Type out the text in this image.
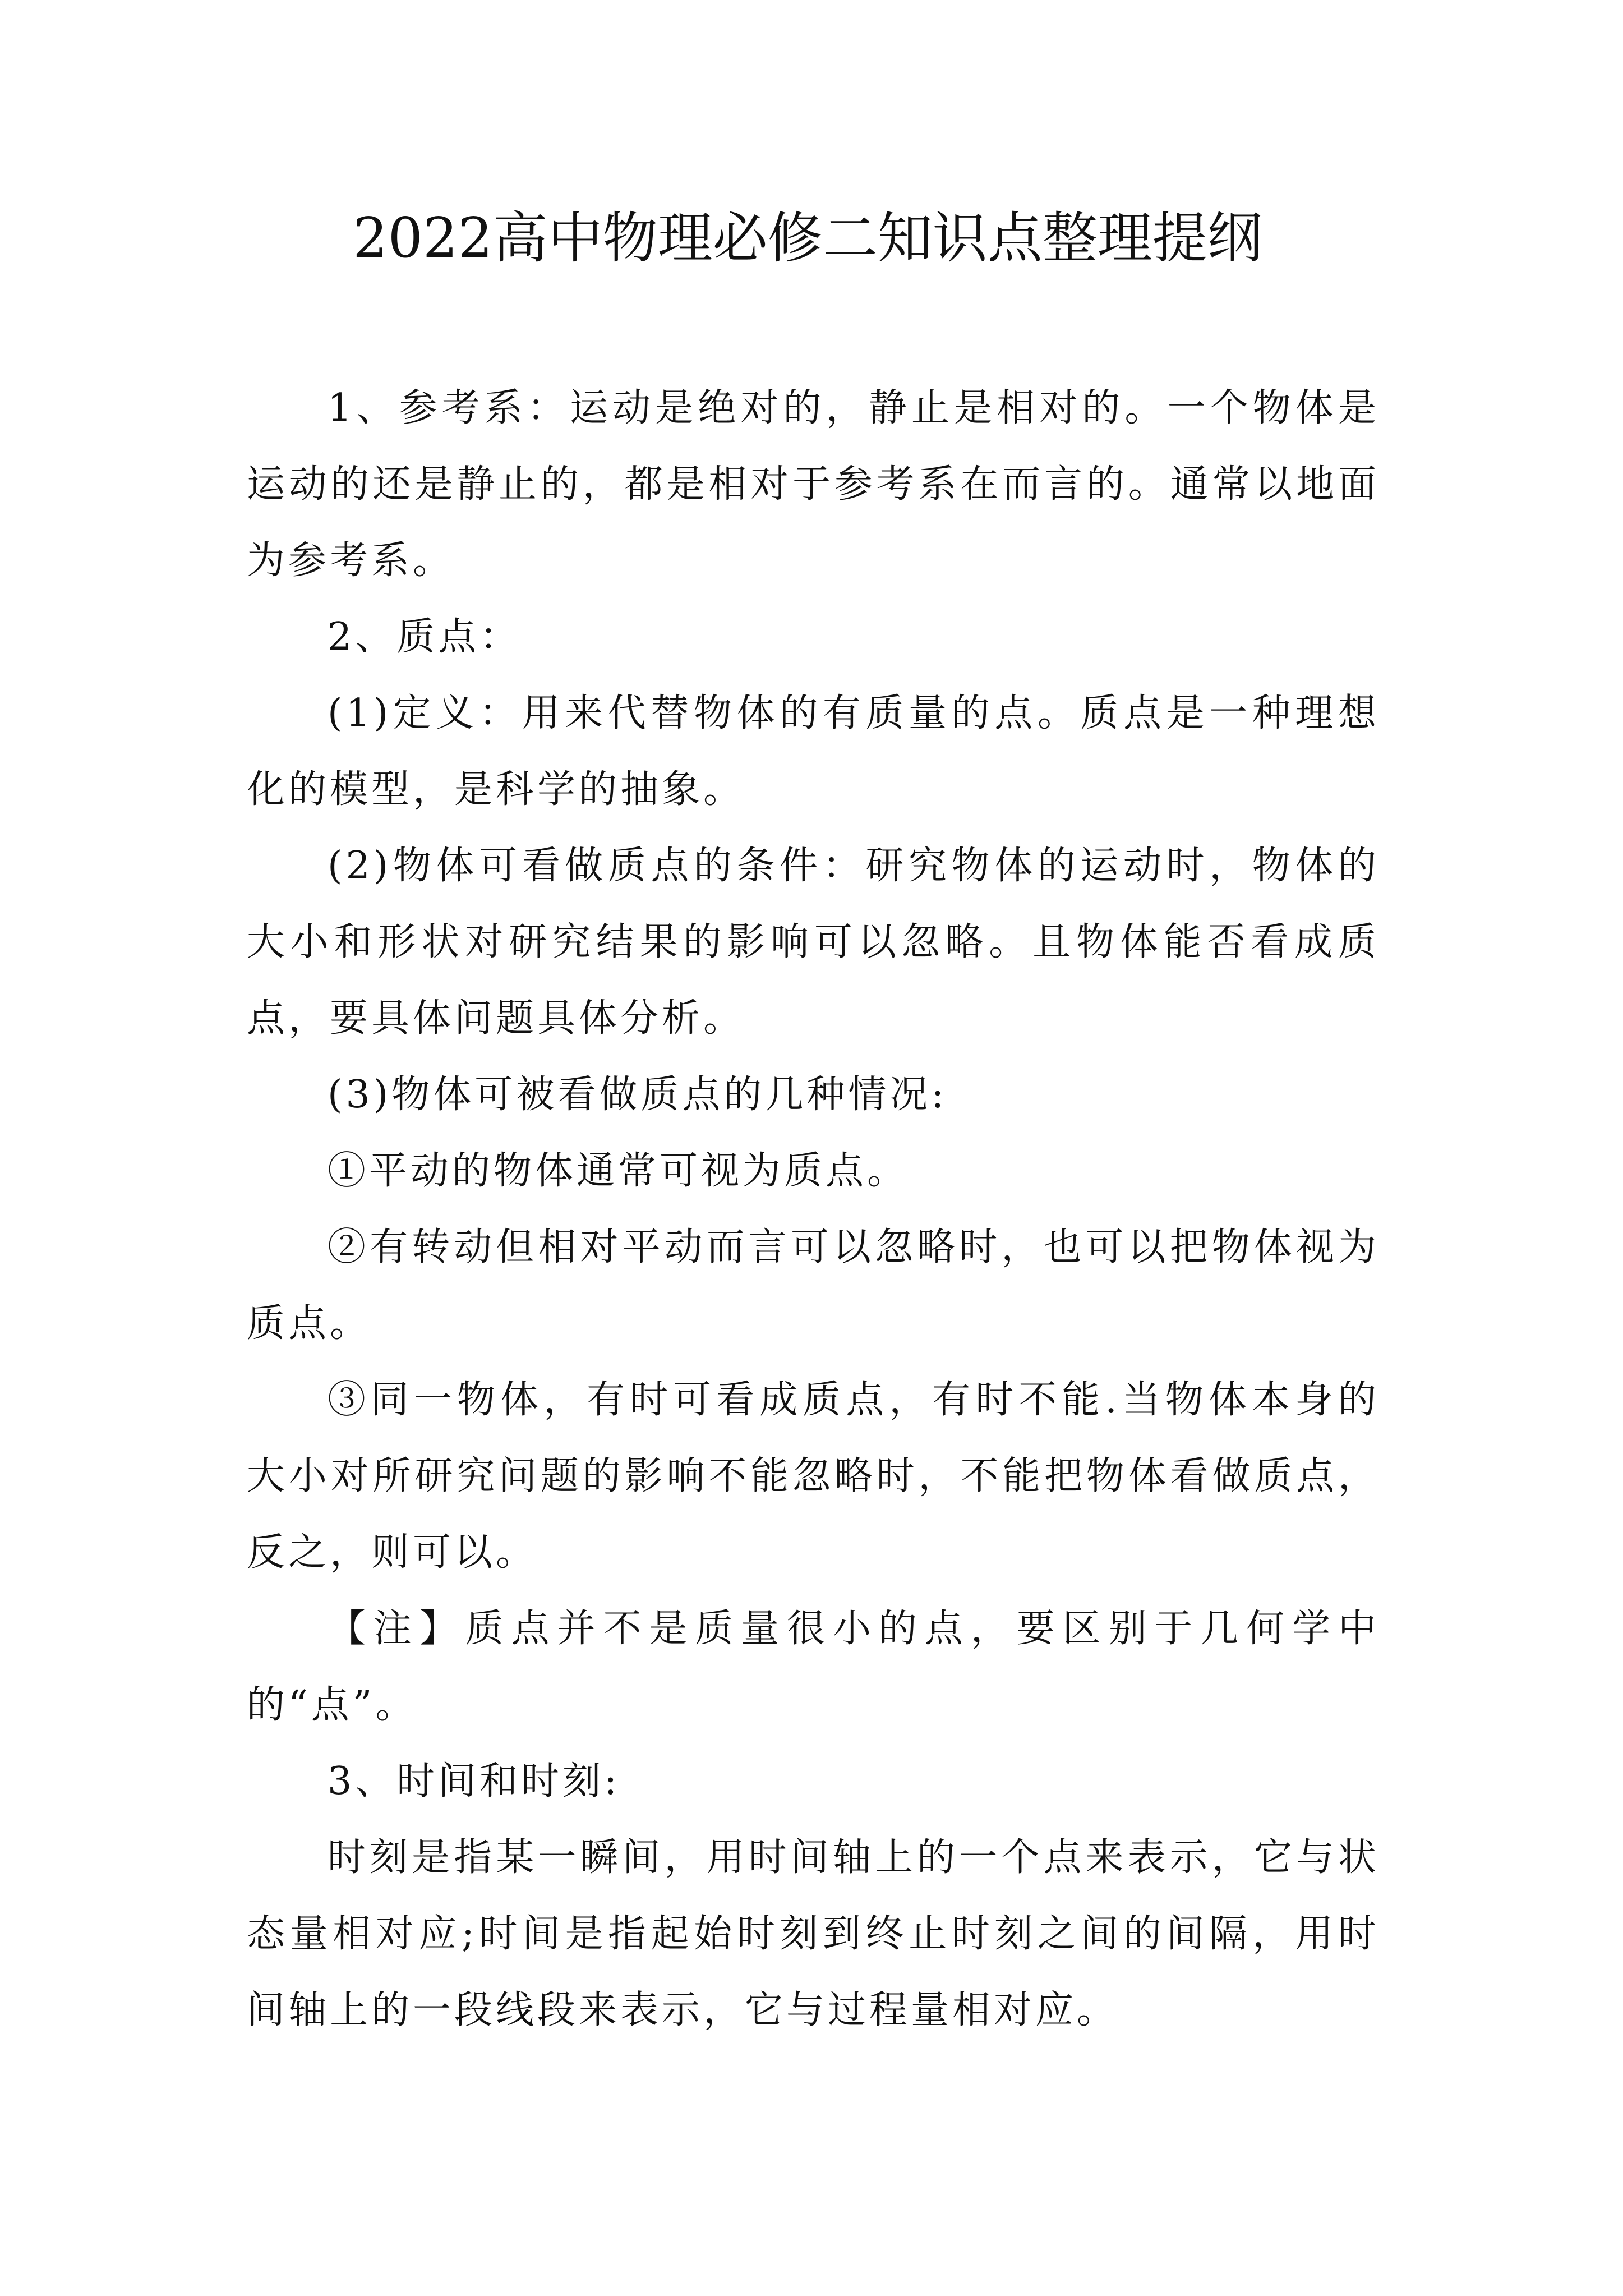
2022高中物理必修二知识点整理提纲

1、参考系：运动是绝对的，静止是相对的。一个物体是运动的还是静止的，都是相对于参考系在而言的。通常以地面为参考系。

2、质点：

(1)定义：用来代替物体的有质量的点。质点是一种理想化的模型，是科学的抽象。

(2)物体可看做质点的条件：研究物体的运动时，物体的大小和形状对研究结果的影响可以忽略。且物体能否看成质点，要具体问题具体分析。

(3)物体可被看做质点的几种情况:

①平动的物体通常可视为质点。

②有转动但相对平动而言可以忽略时，也可以把物体视为质点。

③同一物体，有时可看成质点，有时不能.当物体本身的大小对所研究问题的影响不能忽略时，不能把物体看做质点，反之，则可以。

【注】质点并不是质量很小的点，要区别于几何学中的“点”。

3、时间和时刻:

时刻是指某一瞬间，用时间轴上的一个点来表示，它与状态量相对应;时间是指起始时刻到终止时刻之间的间隔，用时间轴上的一段线段来表示，它与过程量相对应。
